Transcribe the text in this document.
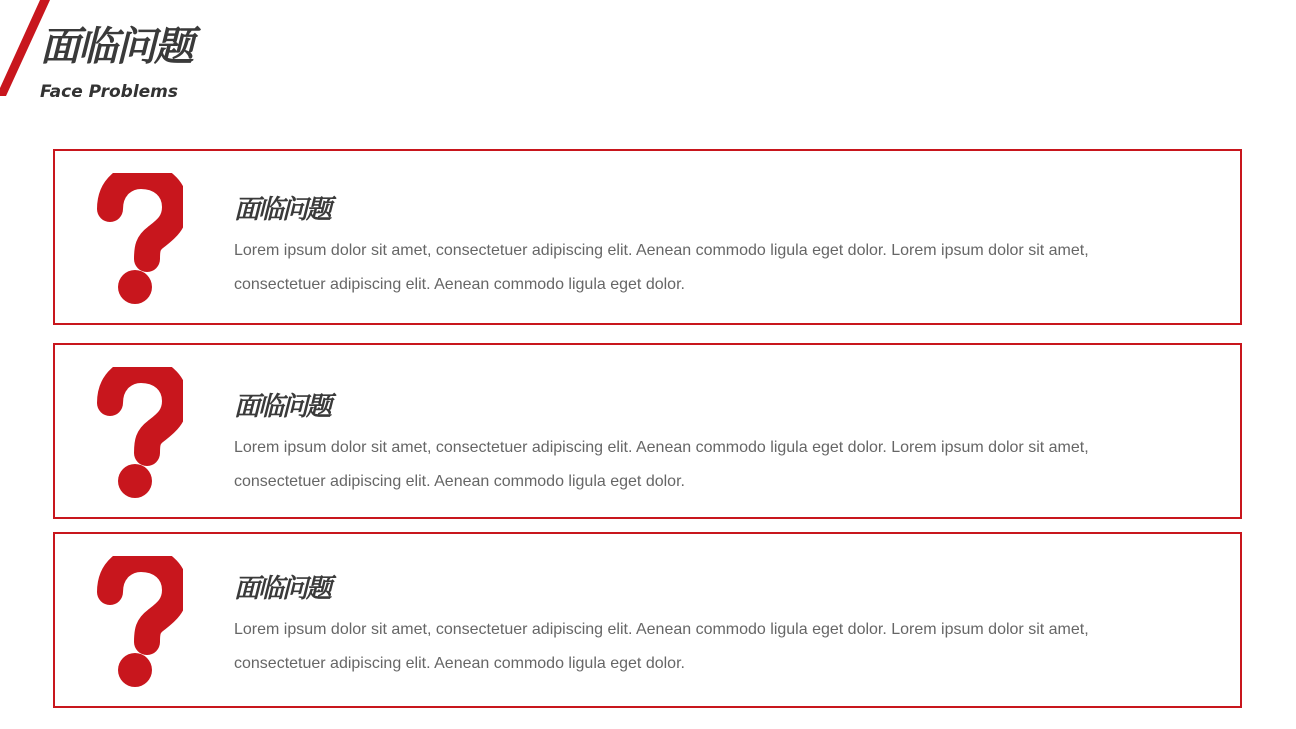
面临问题
Face Problems
面临问题
Lorem ipsum dolor sit amet, consectetuer adipiscing elit. Aenean commodo ligula eget dolor. Lorem ipsum dolor sit amet, consectetuer adipiscing elit. Aenean commodo ligula eget dolor.
面临问题
Lorem ipsum dolor sit amet, consectetuer adipiscing elit. Aenean commodo ligula eget dolor. Lorem ipsum dolor sit amet, consectetuer adipiscing elit. Aenean commodo ligula eget dolor.
面临问题
Lorem ipsum dolor sit amet, consectetuer adipiscing elit. Aenean commodo ligula eget dolor. Lorem ipsum dolor sit amet, consectetuer adipiscing elit. Aenean commodo ligula eget dolor.
